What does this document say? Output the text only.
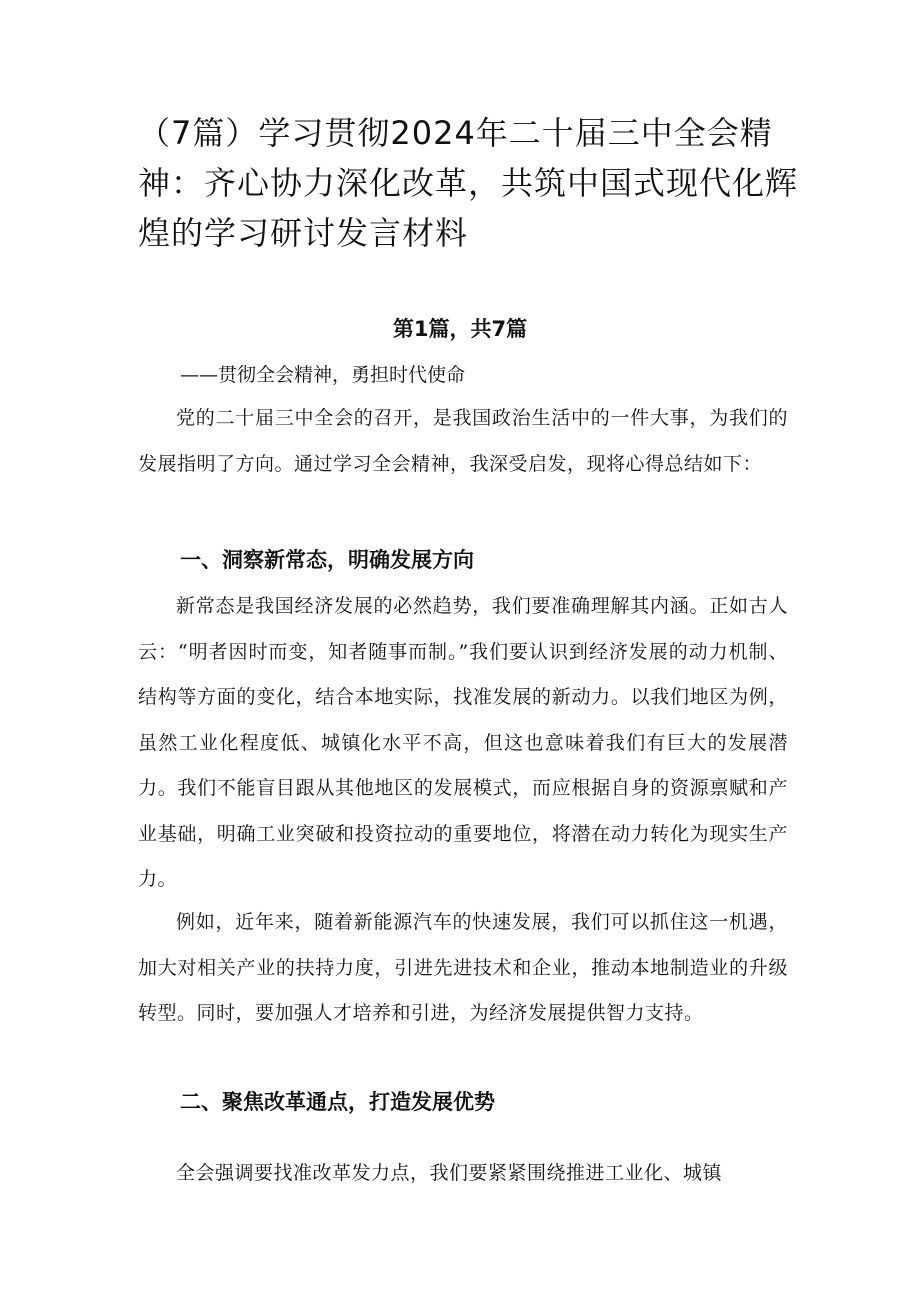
（7篇）学习贯彻2024年二十届三中全会精神：齐心协力深化改革，共筑中国式现代化辉煌的学习研讨发言材料
第1篇，共7篇
——贯彻全会精神，勇担时代使命
党的二十届三中全会的召开，是我国政治生活中的一件大事，为我们的发展指明了方向。通过学习全会精神，我深受启发，现将心得总结如下：
一、洞察新常态，明确发展方向
新常态是我国经济发展的必然趋势，我们要准确理解其内涵。正如古人云：“明者因时而变，知者随事而制。”我们要认识到经济发展的动力机制、结构等方面的变化，结合本地实际，找准发展的新动力。以我们地区为例，虽然工业化程度低、城镇化水平不高，但这也意味着我们有巨大的发展潜力。我们不能盲目跟从其他地区的发展模式，而应根据自身的资源禀赋和产业基础，明确工业突破和投资拉动的重要地位，将潜在动力转化为现实生产力。
例如，近年来，随着新能源汽车的快速发展，我们可以抓住这一机遇，加大对相关产业的扶持力度，引进先进技术和企业，推动本地制造业的升级转型。同时，要加强人才培养和引进，为经济发展提供智力支持。
二、聚焦改革通点，打造发展优势
全会强调要找准改革发力点，我们要紧紧围绕推进工业化、城镇
